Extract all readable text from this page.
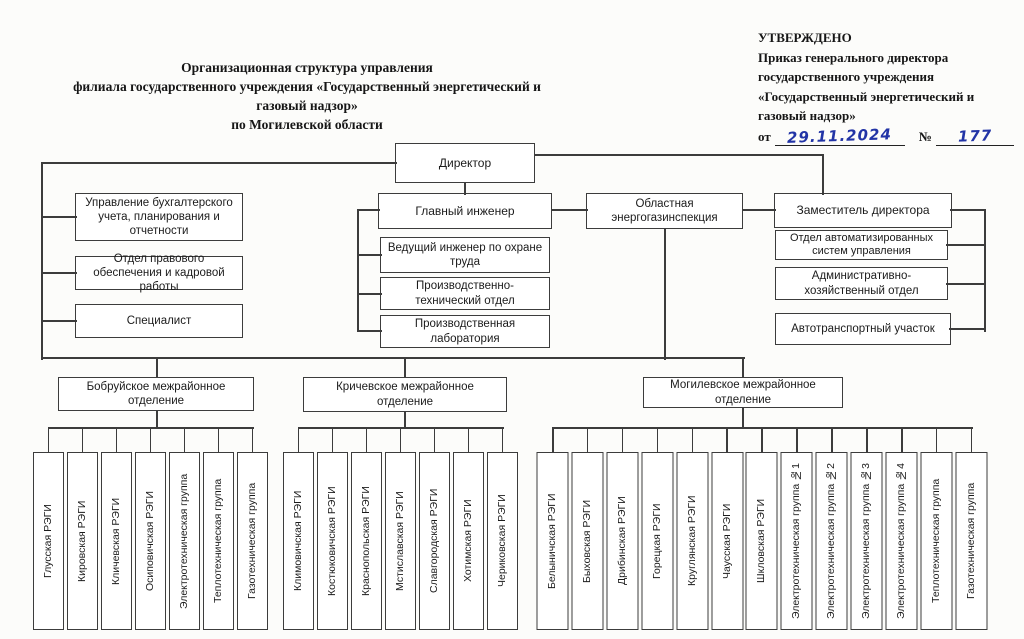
Организационная структура управления
филиала государственного учреждения «Государственный энергетический и газовый надзор»
по Могилевской области
УТВЕРЖДЕНО
Приказ генерального директора
государственного учреждения
«Государственный энергетический и
газовый надзор»
от 29.11.2024 № 177
Директор
Главный инженер	Областная энергогазинспекция
Заместитель директора
Управление бухгалтерского учета, планирования и отчетности
Отдел правового обеспечения и кадровой работы
Специалист
Ведущий инженер по охране труда
Производственно-технический отдел
Производственная лаборатория
Отдел автоматизированных систем управления
Административно-хозяйственный отдел
Автотранспортный участок
Бобруйское межрайонное отделение
Кричевское межрайонное отделение
Могилевское межрайонное отделение
Глусская РЭГИ	Кировская РЭГИ	Кличевская РЭГИ	Осиповичская РЭГИ	Электротехническая группа	Теплотехническая группа	Газотехническая группа	Климовичская РЭГИ	Костюковичская РЭГИ	Краснопольская РЭГИ	Мстиславская РЭГИ	Славгородская РЭГИ	Хотимская РЭГИ	Чериковская РЭГИ	Белыничская РЭГИ	Быховская РЭГИ	Дрибинская РЭГИ	Горецкая РЭГИ	Круглянская РЭГИ	Чаусская РЭГИ	Шкловская РЭГИ	Электротехническая группа №1	Электротехническая группа №2	Электротехническая группа №3	Электротехническая группа №4	Теплотехническая группа	Газотехническая группа
